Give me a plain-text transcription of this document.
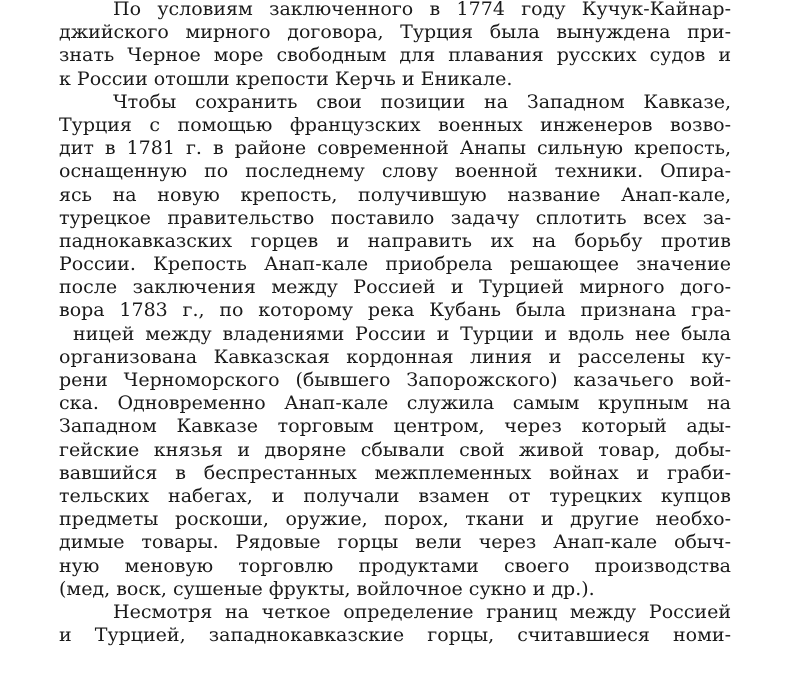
По условиям заключенного в 1774 году Кучук-Кайнар-
джийского мирного договора, Турция была вынуждена при-
знать Черное море свободным для плавания русских судов и
к России отошли крепости Керчь и Еникале.
Чтобы сохранить свои позиции на Западном Кавказе,
Турция с помощью французских военных инженеров возво-
дит в 1781 г. в районе современной Анапы сильную крепость,
оснащенную по последнему слову военной техники. Опира-
ясь на новую крепость, получившую название Анап-кале,
турецкое правительство поставило задачу сплотить всех за-
паднокавказских горцев и направить их на борьбу против
России. Крепость Анап-кале приобрела решающее значение
после заключения между Россией и Турцией мирного дого-
вора 1783 г., по которому река Кубань была признана гра-
ницей между владениями России и Турции и вдоль нее была
организована Кавказская кордонная линия и расселены ку-
рени Черноморского (бывшего Запорожского) казачьего вой-
ска. Одновременно Анап-кале служила самым крупным на
Западном Кавказе торговым центром, через который ады-
гейские князья и дворяне сбывали свой живой товар, добы-
вавшийся в беспрестанных межплеменных войнах и граби-
тельских набегах, и получали взамен от турецких купцов
предметы роскоши, оружие, порох, ткани и другие необхо-
димые товары. Рядовые горцы вели через Анап-кале обыч-
ную меновую торговлю продуктами своего производства
(мед, воск, сушеные фрукты, войлочное сукно и др.).
Несмотря на четкое определение границ между Россией
и Турцией, западнокавказские горцы, считавшиеся номи-
